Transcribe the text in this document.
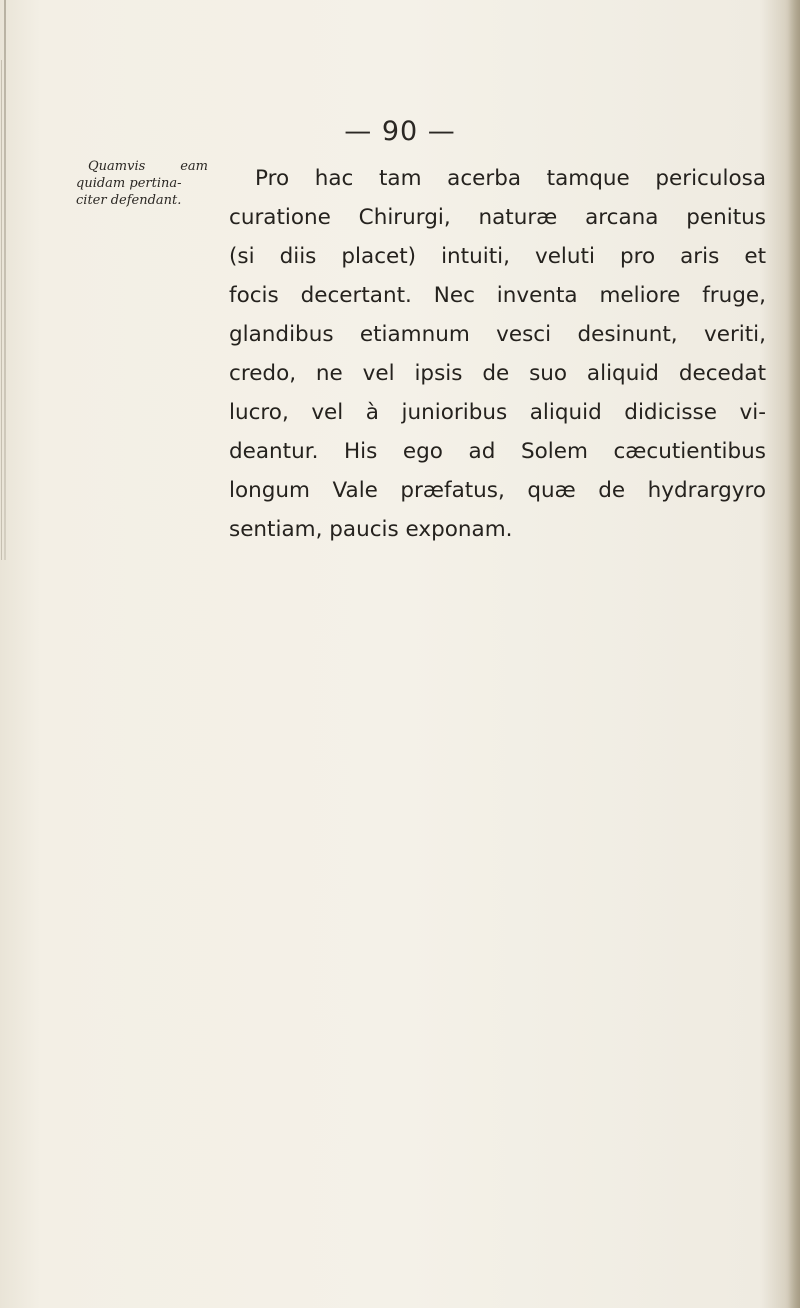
— 90 —
Quamvis eam
quidam pertina-
citer defendant.
Pro hac tam acerba tamque periculosa
curatione Chirurgi, naturæ arcana penitus
(si diis placet) intuiti, veluti pro aris et
focis decertant. Nec inventa meliore fruge,
glandibus etiamnum vesci desinunt, veriti,
credo, ne vel ipsis de suo aliquid decedat
lucro, vel à junioribus aliquid didicisse vi-
deantur. His ego ad Solem cæcutientibus
longum Vale præfatus, quæ de hydrargyro
sentiam, paucis exponam.
